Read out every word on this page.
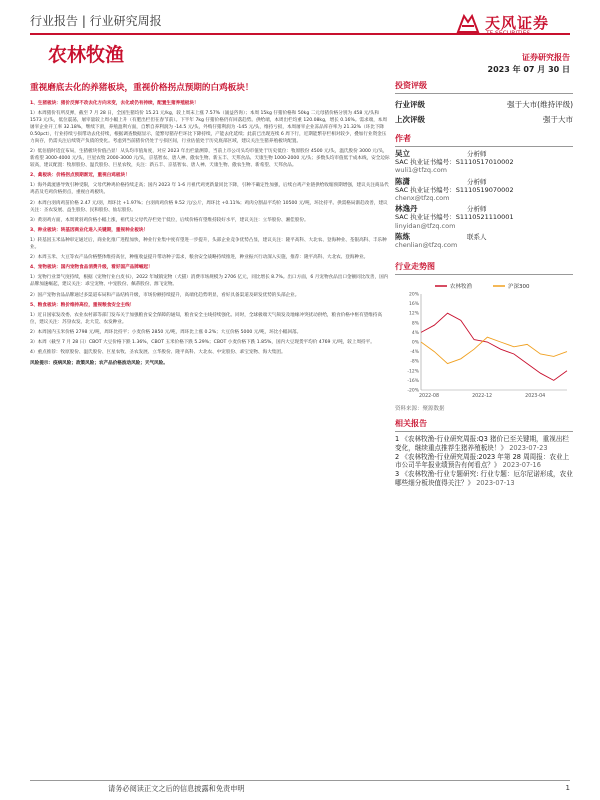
行业报告 | 行业研究周报	天风证券
农林牧渔	证券研究报告
2023 年 07 月 30 日
重视磨底去化的养猪板块，重视价格拐点预期的白鸡板块！

1、生猪板块：猪价反弹不改去化方向未变，去化或仍有持续，配置生猪养殖板块！

1）本周猪价有所反弹，截至 7 月 28 日，全国生猪均价 15.21 元/kg，较上周末上涨 7.57%（涌益咨询）；本周 15kg 仔猪价格和 50kg 二元母猪价格分别为 458 元/头和 1573 元/头，低位震荡，屠宰量较上周小幅上升（有肥出栏但在春节前）。下半年 7kg 仔猪价格仍有回落趋势。供给端，本周出栏均重 120.08kg，增长 0.16%。需求端，本周屠宰企业开工率 32.18%，继续下滑，养殖盈利方面，自繁自养利润为 -14.5 元/头，外购仔猪利润为 -145 元/头，维持亏损，本周屠宰企业冻品库存率为 21.32%（环比下降 0.50pct），行业持续亏损带动去化持续，根据调查数据显示，能繁母猪存栏环比下降持续，产能去化延续；此前已出现连续 6 周下行，近期能繁存栏相对较少，叠加行业资金压力尚存，仍需关注后续资产负债的变化。考虑到当前猪价仍处于亏损区间，行业估值处于历史底部区域，建议关注生猪养殖板块配置。

2）低估值时适宜布局，生猪板块价值凸显！从头均市值角度，对应 2023 年出栏量测算，当前上市公司头均市值处于历史低位：牧原股份 4500 元/头，温氏股份 3000 元/头，新希望 3000-4000 元/头，巨星农牧 2000-3000 元/头，京基智农、唐人神、傲农生物、新五丰、天邦食品、天康生物 1000-2000 元/头；多数头均市值低于成本线，安全边际较高，建议配置：牧原股份、温氏股份、巨星农牧，关注：新五丰、京基智农、唐人神、天康生物、傲农生物、新希望、天邦食品。

2、禽板块：价格拐点预期渐近，重视白鸡板块！

1）海外禽流感导致引种受限，父母代种鸡价格持续走高；国内 2023 年 1-6 月祖代鸡更新量同比下降，引种不确定性加强，后续白鸡产业链供给收缩预期增强，建议关注商品代鸡苗及毛鸡价格拐点，重视白鸡板块。

2）本周白羽肉鸡苗价格 2.47 元/羽，周环比 +1.97%；白羽肉鸡价格 9.52 元/公斤，周环比 +0.11%；鸡肉分割品平均价 10500 元/吨，环比持平。供需格局渐趋改善，建议关注：圣农发展、益生股份、民和股份、仙坛股份。

3）黄羽鸡方面，本周黄羽鸡价格小幅上涨，祖代及父母代存栏处于低位，后续价格有望维持较好水平，建议关注：立华股份、湘佳股份。

3、种业板块：转基因商业化进入关键期，重视种业板块！

1）转基因玉米品种审定通过后，商业化推广进程加快，种业行业集中度有望进一步提升，头部企业竞争优势凸显，建议关注：隆平高科、大北农、登海种业、荃银高科、丰乐种业。

2）本周玉米、大豆等农产品价格整体维持高位，种植收益提升带动种子需求，粮食安全战略持续推进，种业振兴行动深入实施，推荐：隆平高科、大北农、登海种业。

4、宠物板块：国内宠物食品消费升级，看好国产品牌崛起！

1）宠物行业景气度持续，根据《宠物行业白皮书》，2022 年城镇宠物（犬猫）消费市场规模为 2706 亿元，同比增长 8.7%。出口方面，6 月宠物食品出口金额同比改善，国内品牌加速崛起，建议关注：乖宝宠物、中宠股份、佩蒂股份、源飞宠物。

2）国产宠物食品品牌通过多渠道布局和产品结构升级，市场份额持续提升，高端化趋势明显，看好具备渠道及研发优势的头部企业。

5、粮食板块：粮价维持高位，重视粮食安全主线！

1）近日国家发改委、农业农村部等部门发布关于加强粮食安全保障的通知，粮食安全主线持续强化。同时，全球极端天气频发及地缘冲突扰动供给，粮食价格中枢有望维持高位，建议关注：苏垦农发、北大荒、农发种业。

2）本周国内玉米价格 2798 元/吨，周环比持平；小麦价格 2850 元/吨，周环比上涨 0.2%；大豆价格 5000 元/吨，环比小幅回落。

3）本周（截至 7 月 28 日）CBOT 大豆价格下跌 1.36%，CBOT 玉米价格下跌 5.29%；CBOT 小麦价格下跌 1.85%，国内大豆现货平均价 4769 元/吨，较上周持平。

4）重点推荐：牧原股份、温氏股份、巨星农牧、圣农发展、立华股份、隆平高科、大北农、中宠股份、乖宝宠物、海大集团。

风险提示：疫病风险；政策风险；农产品价格波动风险；天气风险。

投资评级
行业评级	强于大市(维持评级)
上次评级	强于大市
作者
吴立	分析师
SAC 执业证书编号：S1110517010002
wuli1@tfzq.com
陈潇	分析师
SAC 执业证书编号：S1110519070002
chenx@tfzq.com
林逸丹	分析师
SAC 执业证书编号：S1110521110001
linyidan@tfzq.com
陈炼	联系人
chenlian@tfzq.com
行业走势图
20%
16%
12%
8%
4%
0%
-4%
-8%
-12%
-16%
-20%
2022-08	2022-12	2023-04
农林牧渔	沪深300
资料来源：聚源数据
相关报告
1 《农林牧渔-行业研究周报:Q3 猪价已至关键期，重视出栏变化，继续重点推荐生猪养殖板块！》 2023-07-23
2 《农林牧渔-行业研究周报:2023 年第 28 周周报：农业上市公司半年报业绩预告有何看点？》 2023-07-16
3 《农林牧渔-行业专题研究: 行业专题：厄尔尼诺形成，农业哪些细分板块值得关注？》 2023-07-13
请务必阅读正文之后的信息披露和免责申明	1
